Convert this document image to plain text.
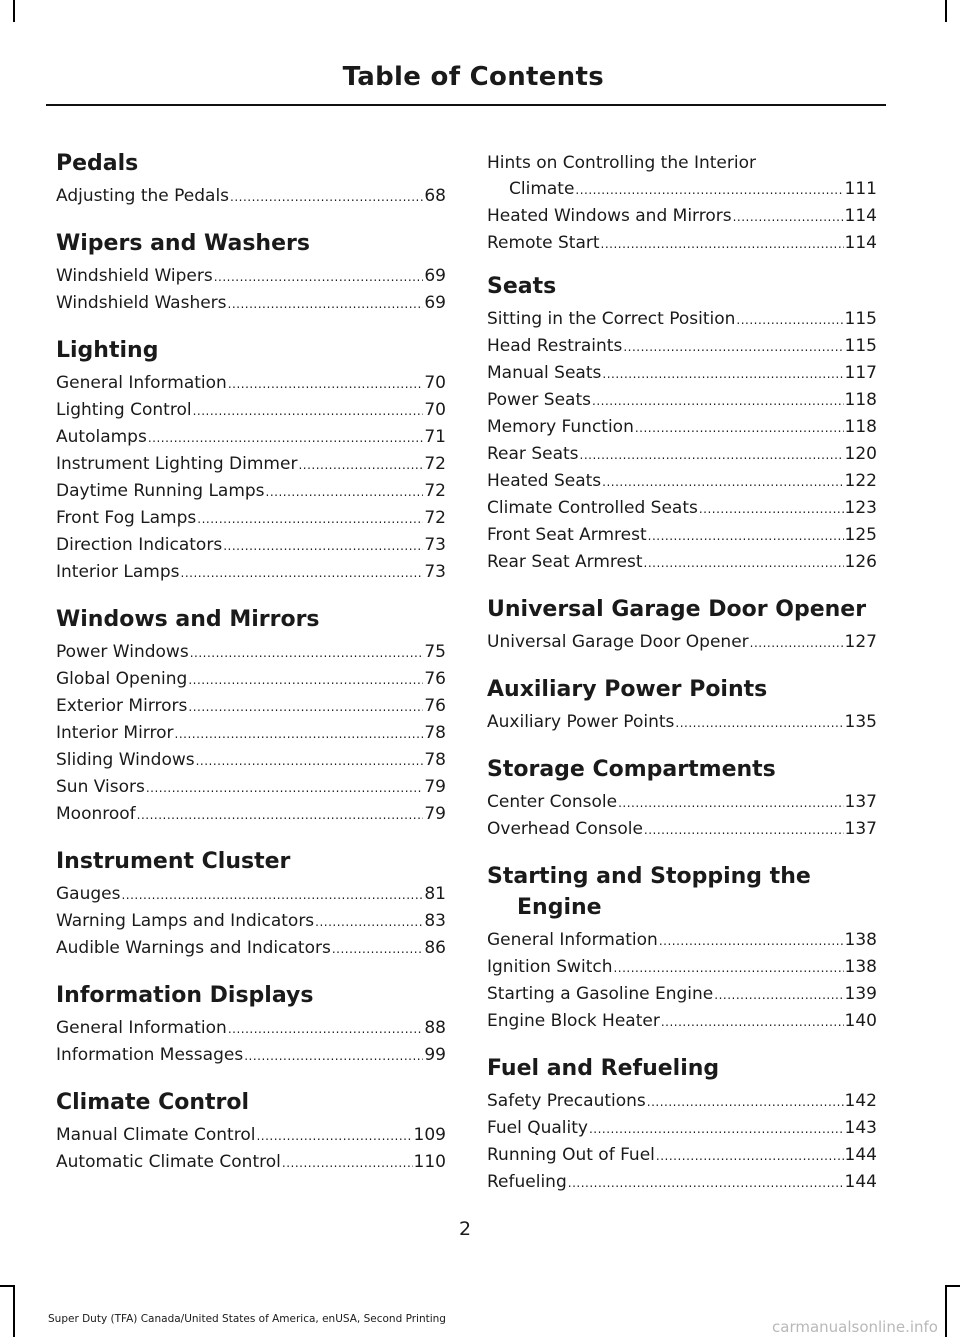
Table of Contents
Pedals
Adjusting the Pedals .....	68
Wipers and Washers
Windshield Wipers .....	69
Windshield Washers .....	69
Lighting
General Information .....	70
Lighting Control .....	70
Autolamps .....	71
Instrument Lighting Dimmer .....	72
Daytime Running Lamps .....	72
Front Fog Lamps .....	72
Direction Indicators .....	73
Interior Lamps .....	73
Windows and Mirrors
Power Windows .....	75
Global Opening .....	76
Exterior Mirrors .....	76
Interior Mirror .....	78
Sliding Windows .....	78
Sun Visors .....	79
Moonroof .....	79
Instrument Cluster
Gauges .....	81
Warning Lamps and Indicators .....	83
Audible Warnings and Indicators .....	86
Information Displays
General Information .....	88
Information Messages .....	99
Climate Control
Manual Climate Control .....	109
Automatic Climate Control .....	110
Hints on Controlling the Interior
Climate .....	111
Heated Windows and Mirrors .....	114
Remote Start .....	114
Seats
Sitting in the Correct Position .....	115
Head Restraints .....	115
Manual Seats .....	117
Power Seats .....	118
Memory Function .....	118
Rear Seats .....	120
Heated Seats .....	122
Climate Controlled Seats .....	123
Front Seat Armrest .....	125
Rear Seat Armrest .....	126
Universal Garage Door Opener
Universal Garage Door Opener .....	127
Auxiliary Power Points
Auxiliary Power Points .....	135
Storage Compartments
Center Console .....	137
Overhead Console .....	137
Starting and Stopping the Engine
General Information .....	138
Ignition Switch .....	138
Starting a Gasoline Engine .....	139
Engine Block Heater .....	140
Fuel and Refueling
Safety Precautions .....	142
Fuel Quality .....	143
Running Out of Fuel .....	144
Refueling .....	144
2
Super Duty (TFA) Canada/United States of America, enUSA, Second Printing	carmanualsonline.info
